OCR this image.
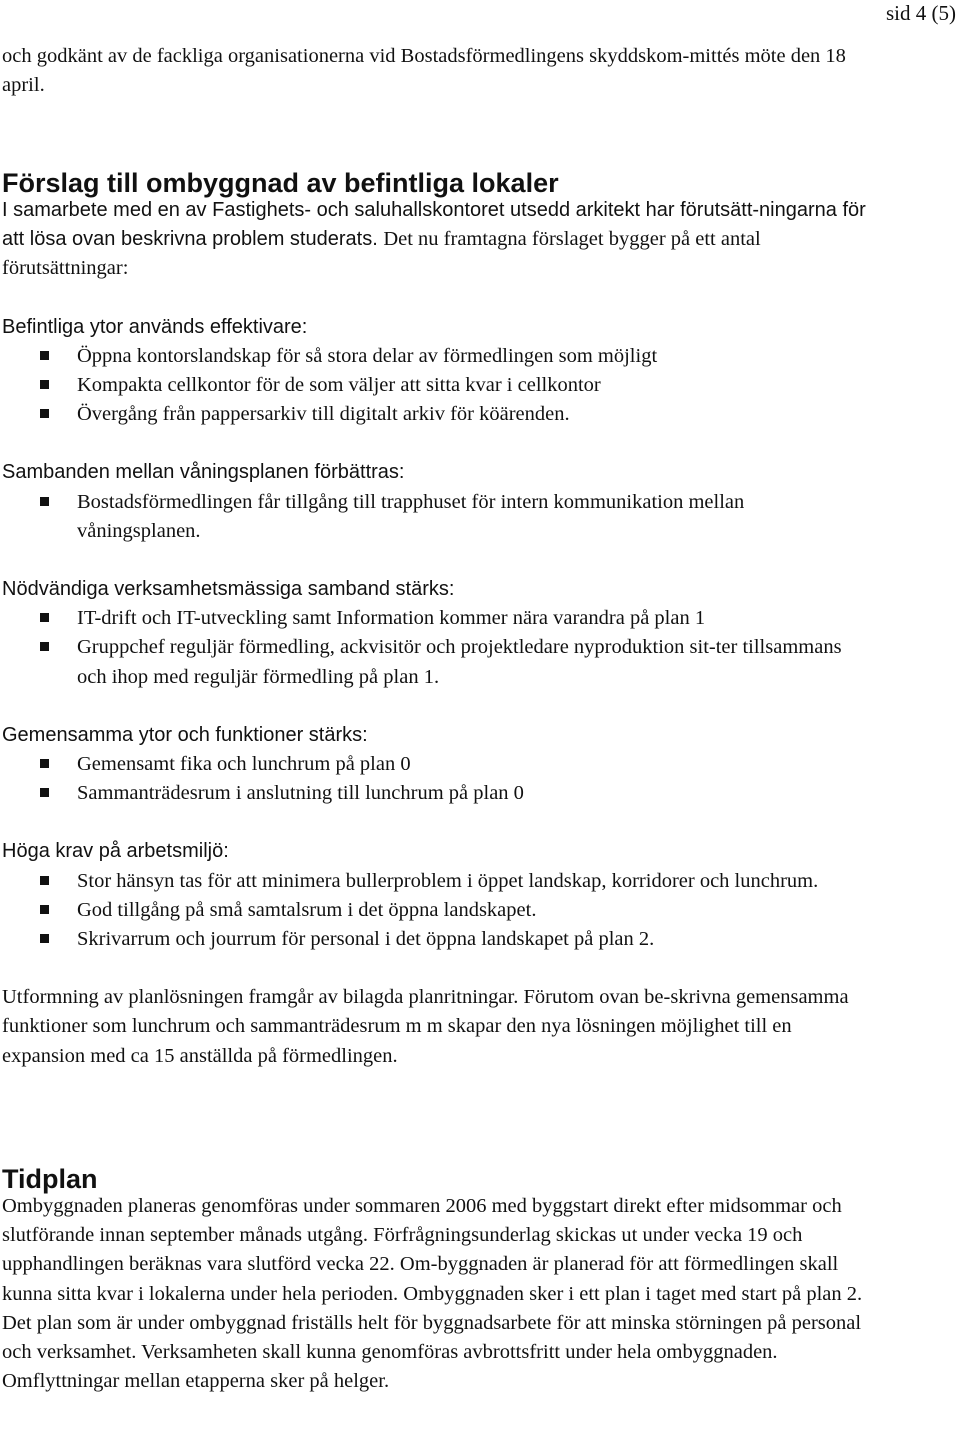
sid 4 (5)

och godkänt av de fackliga organisationerna vid Bostadsförmedlingens skyddskom-mittés möte den 18 april.

Förslag till ombyggnad av befintliga lokaler

I samarbete med en av Fastighets- och saluhallskontoret utsedd arkitekt har förutsätt-ningarna för att lösa ovan beskrivna problem studerats. Det nu framtagna förslaget bygger på ett antal förutsättningar:

Befintliga ytor används effektivare:

Öppna kontorslandskap för så stora delar av förmedlingen som möjligt
Kompakta cellkontor för de som väljer att sitta kvar i cellkontor
Övergång från pappersarkiv till digitalt arkiv för köärenden.

Sambanden mellan våningsplanen förbättras:

Bostadsförmedlingen får tillgång till trapphuset för intern kommunikation mellan våningsplanen.

Nödvändiga verksamhetsmässiga samband stärks:

IT-drift och IT-utveckling samt Information kommer nära varandra på plan 1
Gruppchef reguljär förmedling, ackvisitör och projektledare nyproduktion sit-ter tillsammans och ihop med reguljär förmedling på plan 1.

Gemensamma ytor och funktioner stärks:

Gemensamt fika och lunchrum på plan 0
Sammanträdesrum i anslutning till lunchrum på plan 0

Höga krav på arbetsmiljö:

Stor hänsyn tas för att minimera bullerproblem i öppet landskap, korridorer och lunchrum.
God tillgång på små samtalsrum i det öppna landskapet.
Skrivarrum och jourrum för personal i det öppna landskapet på plan 2.

Utformning av planlösningen framgår av bilagda planritningar. Förutom ovan be-skrivna gemensamma funktioner som lunchrum och sammanträdesrum m m skapar den nya lösningen möjlighet till en expansion med ca 15 anställda på förmedlingen.

Tidplan

Ombyggnaden planeras genomföras under sommaren 2006 med byggstart direkt efter midsommar och slutförande innan september månads utgång. Förfrågningsunderlag skickas ut under vecka 19 och upphandlingen beräknas vara slutförd vecka 22. Om-byggnaden är planerad för att förmedlingen skall kunna sitta kvar i lokalerna under hela perioden. Ombyggnaden sker i ett plan i taget med start på plan 2. Det plan som är under ombyggnad friställs helt för byggnadsarbete för att minska störningen på personal och verksamhet. Verksamheten skall kunna genomföras avbrottsfritt under hela ombyggnaden. Omflyttningar mellan etapperna sker på helger.
